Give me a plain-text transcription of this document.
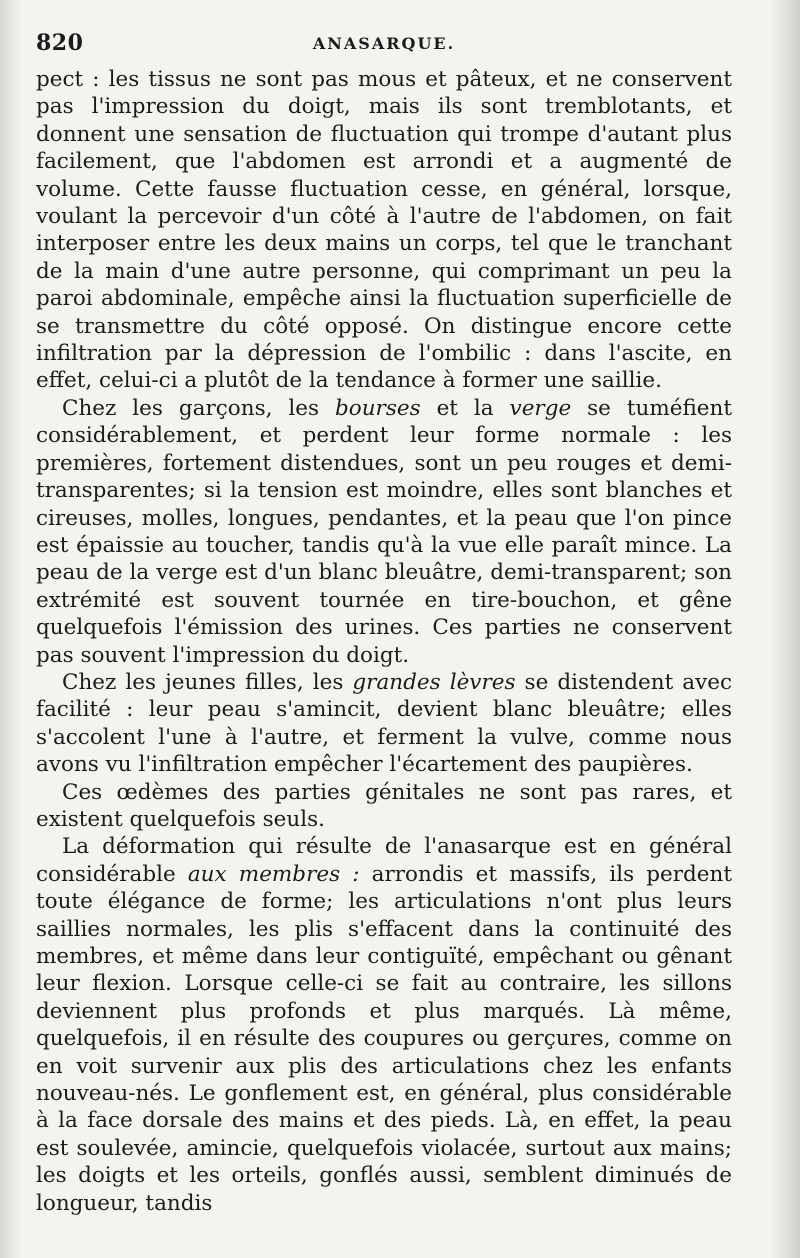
820	ANASARQUE.

pect : les tissus ne sont pas mous et pâteux, et ne conservent pas l'impression du doigt, mais ils sont tremblotants, et donnent une sensation de fluctuation qui trompe d'autant plus facilement, que l'abdomen est arrondi et a augmenté de volume. Cette fausse fluctuation cesse, en général, lorsque, voulant la percevoir d'un côté à l'autre de l'abdomen, on fait interposer entre les deux mains un corps, tel que le tranchant de la main d'une autre personne, qui comprimant un peu la paroi abdominale, empêche ainsi la fluctuation superficielle de se transmettre du côté opposé. On distingue encore cette infiltration par la dépression de l'ombilic : dans l'ascite, en effet, celui-ci a plutôt de la tendance à former une saillie.

Chez les garçons, les bourses et la verge se tuméfient considérablement, et perdent leur forme normale : les premières, fortement distendues, sont un peu rouges et demi-transparentes; si la tension est moindre, elles sont blanches et cireuses, molles, longues, pendantes, et la peau que l'on pince est épaissie au toucher, tandis qu'à la vue elle paraît mince. La peau de la verge est d'un blanc bleuâtre, demi-transparent; son extrémité est souvent tournée en tire-bouchon, et gêne quelquefois l'émission des urines. Ces parties ne conservent pas souvent l'impression du doigt.

Chez les jeunes filles, les grandes lèvres se distendent avec facilité : leur peau s'amincit, devient blanc bleuâtre; elles s'accolent l'une à l'autre, et ferment la vulve, comme nous avons vu l'infiltration empêcher l'écartement des paupières.

Ces œdèmes des parties génitales ne sont pas rares, et existent quelquefois seuls.

La déformation qui résulte de l'anasarque est en général considérable aux membres : arrondis et massifs, ils perdent toute élégance de forme; les articulations n'ont plus leurs saillies normales, les plis s'effacent dans la continuité des membres, et même dans leur contiguïté, empêchant ou gênant leur flexion. Lorsque celle-ci se fait au contraire, les sillons deviennent plus profonds et plus marqués. Là même, quelquefois, il en résulte des coupures ou gerçures, comme on en voit survenir aux plis des articulations chez les enfants nouveau-nés. Le gonflement est, en général, plus considérable à la face dorsale des mains et des pieds. Là, en effet, la peau est soulevée, amincie, quelquefois violacée, surtout aux mains; les doigts et les orteils, gonflés aussi, semblent diminués de longueur, tandis
